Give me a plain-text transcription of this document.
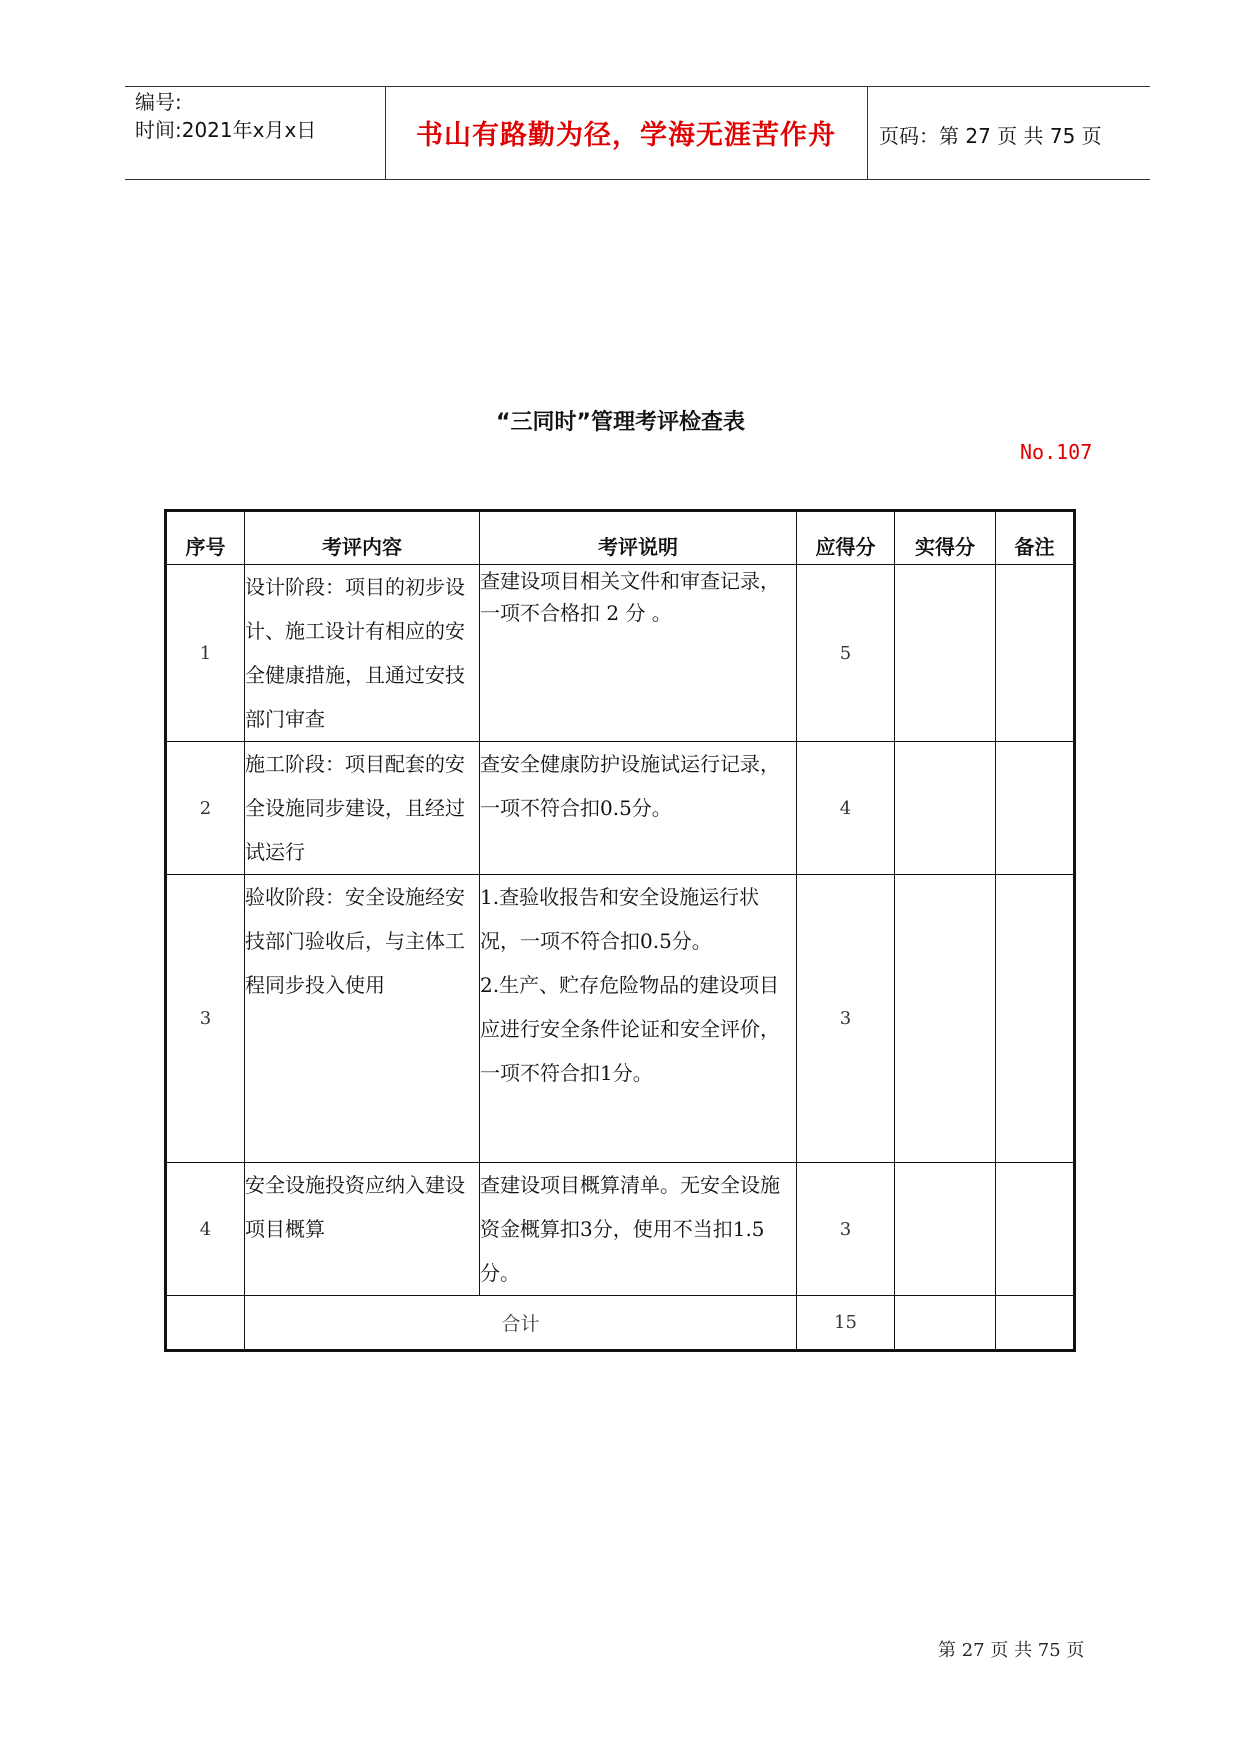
编号:
时间:2021年x月x日	书山有路勤为径，学海无涯苦作舟	页码：第 27 页 共 75 页
“三同时”管理考评检查表
No.107
序号	考评内容	考评说明	应得分	实得分	备注
1	设计阶段：项目的初步设计、施工设计有相应的安全健康措施，且通过安技部门审查	查建设项目相关文件和审查记录，
一项不合格扣 2 分 。	5		
2	施工阶段：项目配套的安全设施同步建设，且经过试运行	查安全健康防护设施试运行记录，
一项不符合扣0.5分。	4		
3	验收阶段：安全设施经安技部门验收后，与主体工程同步投入使用	1.查验收报告和安全设施运行状
况，一项不符合扣0.5分。
2.生产、贮存危险物品的建设项目
应进行安全条件论证和安全评价，
一项不符合扣1分。	3		
4	安全设施投资应纳入建设项目概算	查建设项目概算清单。无安全设施
资金概算扣3分，使用不当扣1.5
分。	3		
	合计		15		
第 27 页 共 75 页
